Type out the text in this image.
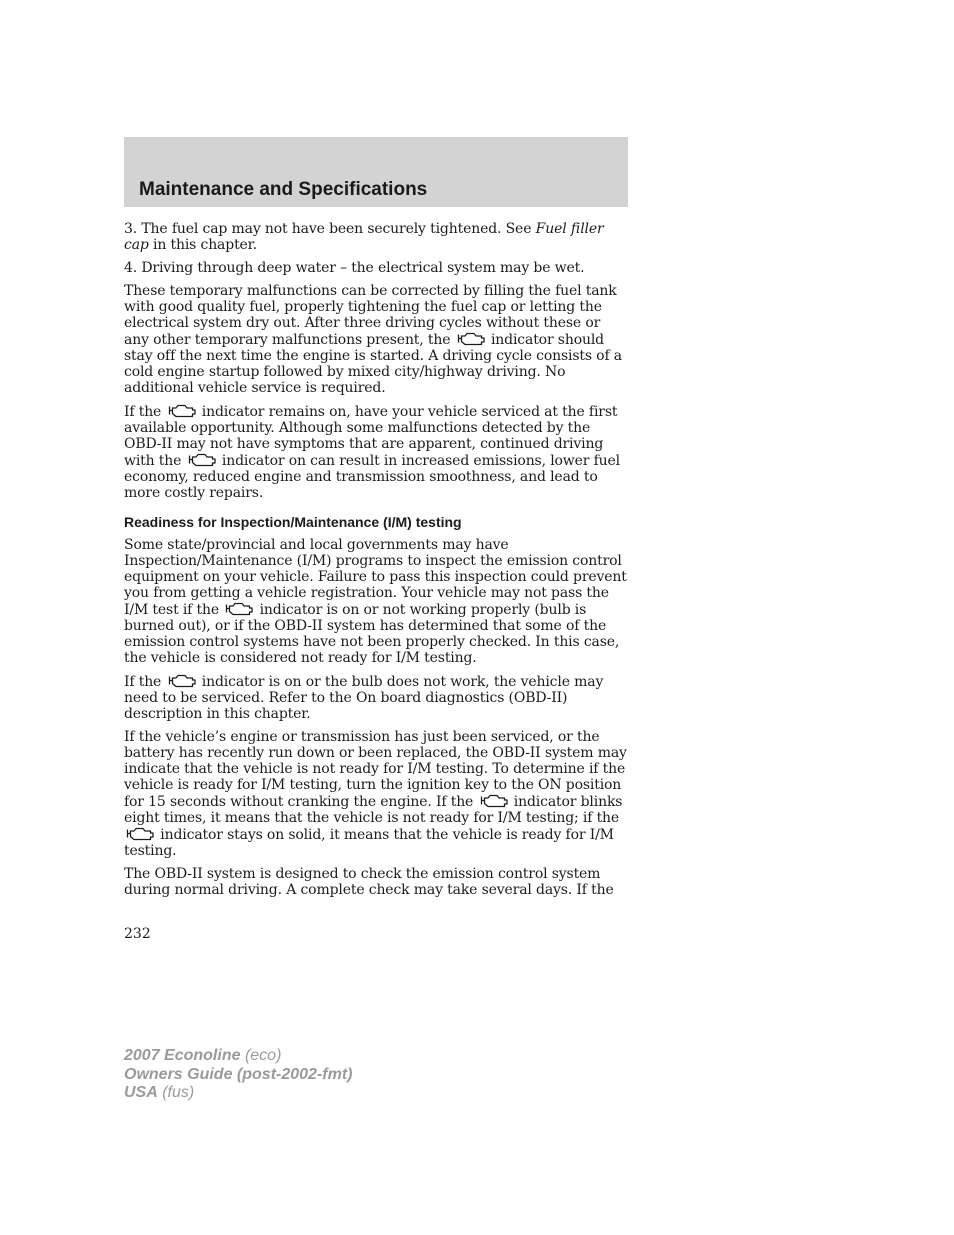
Maintenance and Specifications

3. The fuel cap may not have been securely tightened. See Fuel filler cap in this chapter.

4. Driving through deep water – the electrical system may be wet.

These temporary malfunctions can be corrected by filling the fuel tank with good quality fuel, properly tightening the fuel cap or letting the electrical system dry out. After three driving cycles without these or any other temporary malfunctions present, the
indicator should stay off the next time the engine is started. A driving cycle consists of a cold engine startup followed by mixed city/highway driving. No additional vehicle service is required.

If the
indicator remains on, have your vehicle serviced at the first available opportunity. Although some malfunctions detected by the OBD-II may not have symptoms that are apparent, continued driving with the
indicator on can result in increased emissions, lower fuel economy, reduced engine and transmission smoothness, and lead to more costly repairs.

Readiness for Inspection/Maintenance (I/M) testing

Some state/provincial and local governments may have Inspection/Maintenance (I/M) programs to inspect the emission control equipment on your vehicle. Failure to pass this inspection could prevent you from getting a vehicle registration. Your vehicle may not pass the I/M test if the
indicator is on or not working properly (bulb is burned out), or if the OBD-II system has determined that some of the emission control systems have not been properly checked. In this case, the vehicle is considered not ready for I/M testing.

If the
indicator is on or the bulb does not work, the vehicle may need to be serviced. Refer to the On board diagnostics (OBD-II) description in this chapter.

If the vehicle’s engine or transmission has just been serviced, or the battery has recently run down or been replaced, the OBD-II system may indicate that the vehicle is not ready for I/M testing. To determine if the vehicle is ready for I/M testing, turn the ignition key to the ON position for 15 seconds without cranking the engine. If the
indicator blinks eight times, it means that the vehicle is not ready for I/M testing; if the
indicator stays on solid, it means that the vehicle is ready for I/M testing.

The OBD-II system is designed to check the emission control system during normal driving. A complete check may take several days. If the

232

2007 Econoline (eco)
Owners Guide (post-2002-fmt)
USA (fus)
